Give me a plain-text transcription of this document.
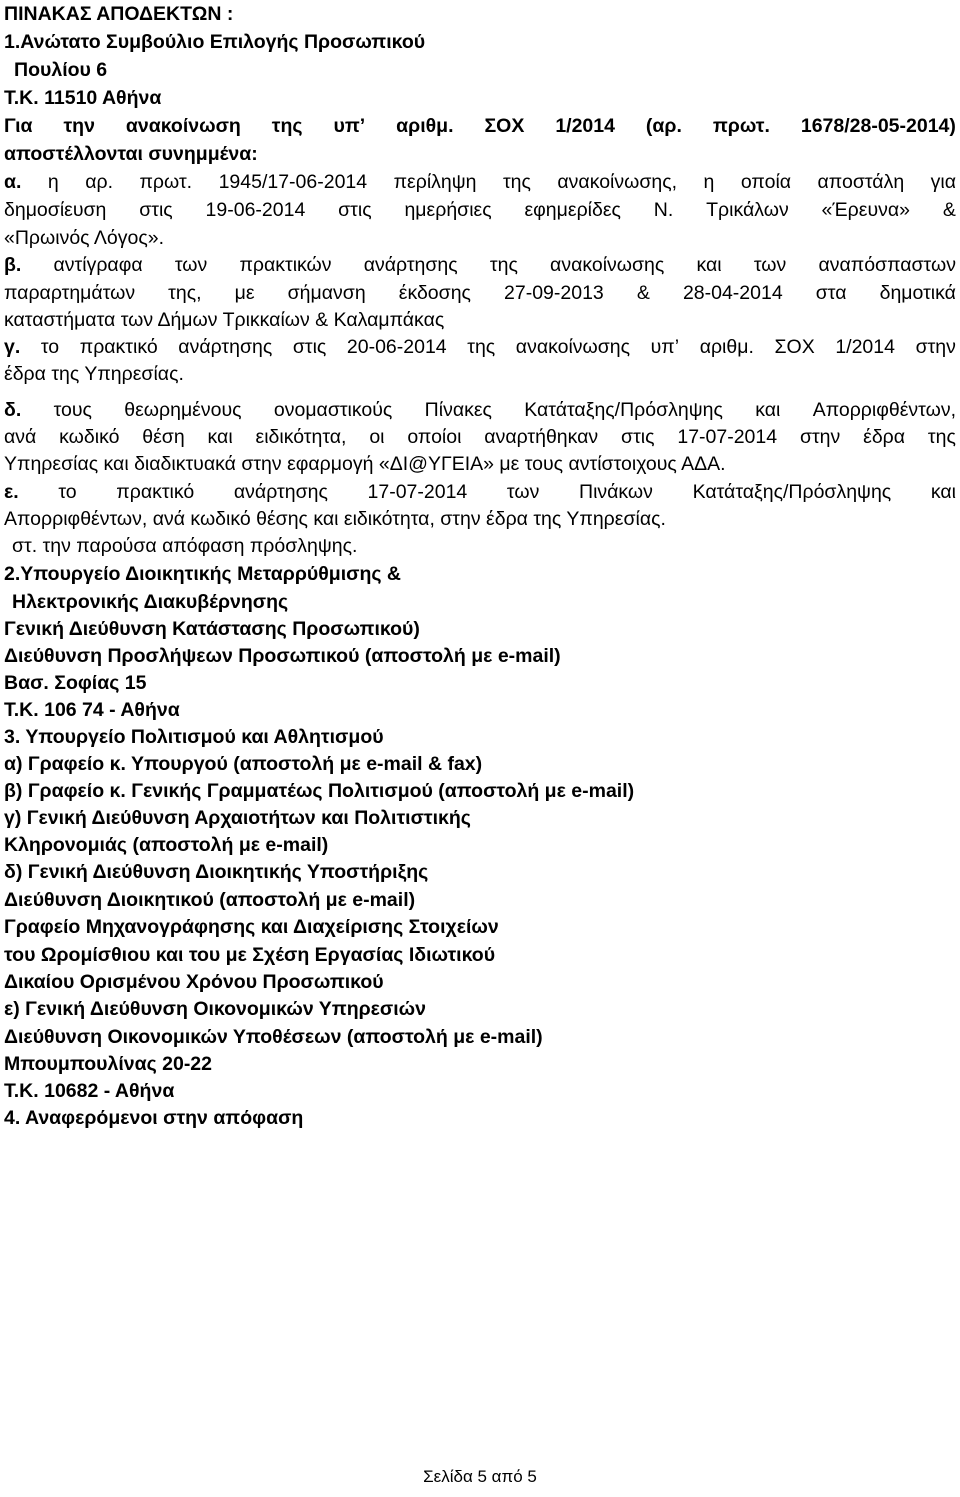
ΠΙΝΑΚΑΣ ΑΠΟΔΕΚΤΩΝ :
1.Ανώτατο Συμβούλιο Επιλογής Προσωπικού
Πουλίου 6
Τ.Κ. 11510 Αθήνα
Για την ανακοίνωση της υπ’ αριθμ. ΣΟΧ 1/2014 (αρ. πρωτ. 1678/28-05-2014)
αποστέλλονται συνημμένα:
α. η αρ. πρωτ. 1945/17-06-2014 περίληψη της ανακοίνωσης, η οποία αποστάλη για
δημοσίευση στις 19-06-2014 στις ημερήσιες εφημερίδες Ν. Τρικάλων «Έρευνα» &
«Πρωινός Λόγος».
β. αντίγραφα των πρακτικών ανάρτησης της ανακοίνωσης και των αναπόσπαστων
παραρτημάτων της, με σήμανση έκδοσης 27-09-2013 & 28-04-2014 στα δημοτικά
καταστήματα των Δήμων Τρικκαίων & Καλαμπάκας
γ. το πρακτικό ανάρτησης στις 20-06-2014 της ανακοίνωσης υπ’ αριθμ. ΣΟΧ 1/2014 στην
έδρα της Υπηρεσίας.
δ. τους θεωρημένους ονομαστικούς Πίνακες Κατάταξης/Πρόσληψης και Απορριφθέντων,
ανά κωδικό θέση και ειδικότητα, οι οποίοι αναρτήθηκαν στις 17-07-2014 στην έδρα της
Υπηρεσίας και διαδικτυακά στην εφαρμογή «ΔΙ@ΥΓΕΙΑ» με τους αντίστοιχους ΑΔΑ.
ε. το πρακτικό ανάρτησης 17-07-2014 των Πινάκων Κατάταξης/Πρόσληψης και
Απορριφθέντων, ανά κωδικό θέσης και ειδικότητα, στην έδρα της Υπηρεσίας.
στ. την παρούσα απόφαση πρόσληψης.
2.Υπουργείο Διοικητικής Μεταρρύθμισης &
Ηλεκτρονικής Διακυβέρνησης
Γενική Διεύθυνση Κατάστασης Προσωπικού)
Διεύθυνση Προσλήψεων Προσωπικού (αποστολή με e-mail)
Βασ. Σοφίας 15
Τ.Κ. 106 74 - Αθήνα
3. Υπουργείο Πολιτισμού και Αθλητισμού
α) Γραφείο κ. Υπουργού (αποστολή με e-mail & fax)
β) Γραφείο κ. Γενικής Γραμματέως Πολιτισμού (αποστολή με e-mail)
γ) Γενική Διεύθυνση Αρχαιοτήτων και Πολιτιστικής
Κληρονομιάς (αποστολή με e-mail)
δ) Γενική Διεύθυνση Διοικητικής Υποστήριξης
Διεύθυνση Διοικητικού (αποστολή με e-mail)
Γραφείο Μηχανογράφησης και Διαχείρισης Στοιχείων
του Ωρομίσθιου και του με Σχέση Εργασίας Ιδιωτικού
Δικαίου Ορισμένου Χρόνου Προσωπικού
ε) Γενική Διεύθυνση Οικονομικών Υπηρεσιών
Διεύθυνση Οικονομικών Υποθέσεων (αποστολή με e-mail)
Μπουμπουλίνας 20-22
Τ.Κ. 10682 - Αθήνα
4. Αναφερόμενοι στην απόφαση
Σελίδα 5 από 5
